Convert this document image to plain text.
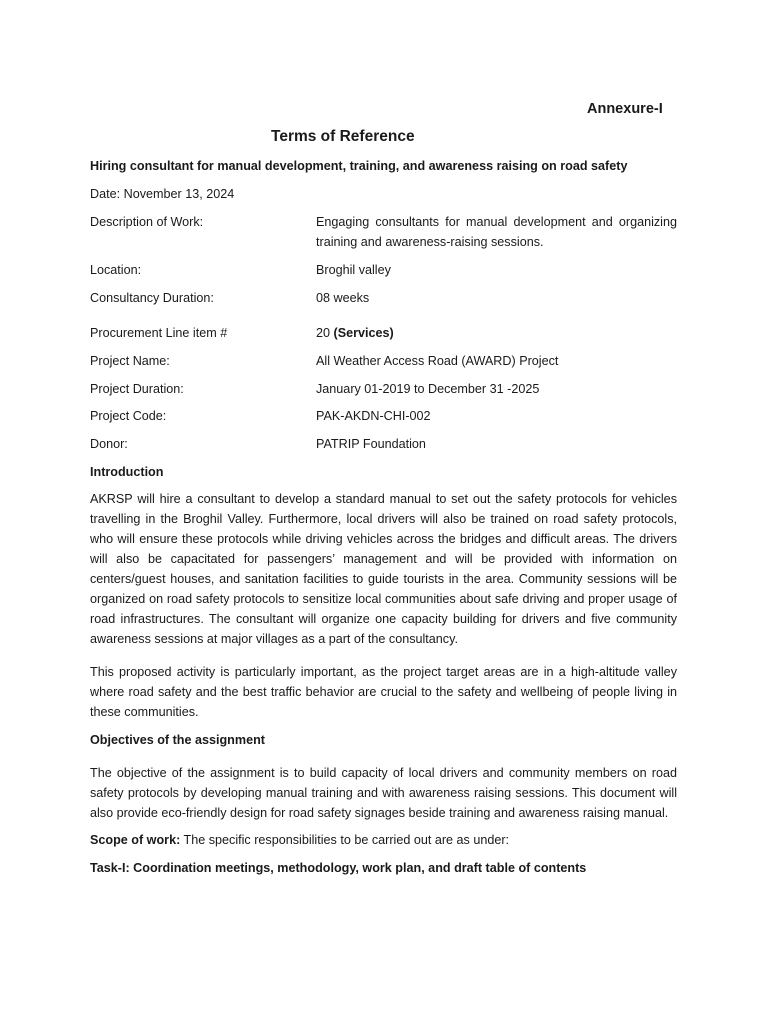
Annexure-I
Terms of Reference
Hiring consultant for manual development, training, and awareness raising on road safety
Date: November 13, 2024
Description of Work:	Engaging consultants for manual development and organizing training and awareness-raising sessions.
Location:	Broghil valley
Consultancy Duration:	08 weeks
Procurement Line item #	20 (Services)
Project Name:	All Weather Access Road (AWARD) Project
Project Duration:	January 01-2019 to December 31 -2025
Project Code:	PAK-AKDN-CHI-002
Donor:	PATRIP Foundation
Introduction
AKRSP will hire a consultant to develop a standard manual to set out the safety protocols for vehicles travelling in the Broghil Valley. Furthermore, local drivers will also be trained on road safety protocols, who will ensure these protocols while driving vehicles across the bridges and difficult areas. The drivers will also be capacitated for passengers’ management and will be provided with information on centers/guest houses, and sanitation facilities to guide tourists in the area. Community sessions will be organized on road safety protocols to sensitize local communities about safe driving and proper usage of road infrastructures. The consultant will organize one capacity building for drivers and five community awareness sessions at major villages as a part of the consultancy.
This proposed activity is particularly important, as the project target areas are in a high-altitude valley where road safety and the best traffic behavior are crucial to the safety and wellbeing of people living in these communities.
Objectives of the assignment
The objective of the assignment is to build capacity of local drivers and community members on road safety protocols by developing manual training and with awareness raising sessions. This document will also provide eco-friendly design for road safety signages beside training and awareness raising manual.
Scope of work: The specific responsibilities to be carried out are as under:
Task-I: Coordination meetings, methodology, work plan, and draft table of contents
